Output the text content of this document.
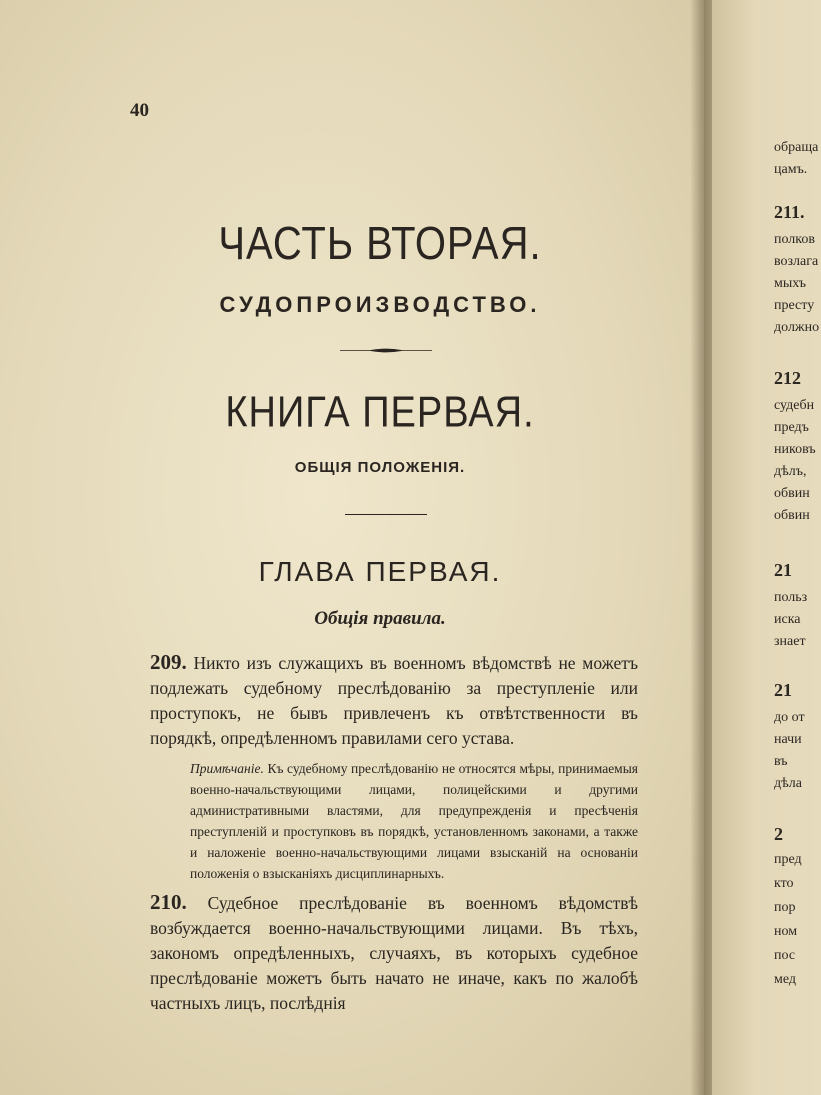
40
ЧАСТЬ ВТОРАЯ.
СУДОПРОИЗВОДСТВО.
КНИГА ПЕРВАЯ.
ОБЩІЯ ПОЛОЖЕНІЯ.
ГЛАВА ПЕРВАЯ.
Общія правила.
209. Никто изъ служащихъ въ военномъ вѣдомствѣ не можетъ подлежать судебному преслѣдованію за преступленіе или проступокъ, не бывъ привлеченъ къ отвѣтственности въ порядкѣ, опредѣленномъ правилами сего устава.
Примѣчаніе. Къ судебному преслѣдованію не относятся мѣры, принимаемыя военно-начальствующими лицами, полицейскими и другими административными властями, для предупрежденія и пресѣченія преступленій и проступковъ въ порядкѣ, установленномъ законами, а также и наложеніе военно-начальствующими лицами взысканій на основаніи положенія о взысканіяхъ дисциплинарныхъ.
210. Судебное преслѣдованіе въ военномъ вѣдомствѣ возбуждается военно-начальствующими лицами. Въ тѣхъ, закономъ опредѣленныхъ, случаяхъ, въ которыхъ судебное преслѣдованіе можетъ быть начато не иначе, какъ по жалобѣ частныхъ лицъ, послѣднія
обраща
цамъ.
211.
полков
возлага
мыхъ
престу
должно
212
судебн
предъ
никовъ
дѣлъ,
обвин
обвин
21
польз
иска
знает
21
до от
начи
въ
дѣла
2
пред
кто
пор
ном
пос
мед
